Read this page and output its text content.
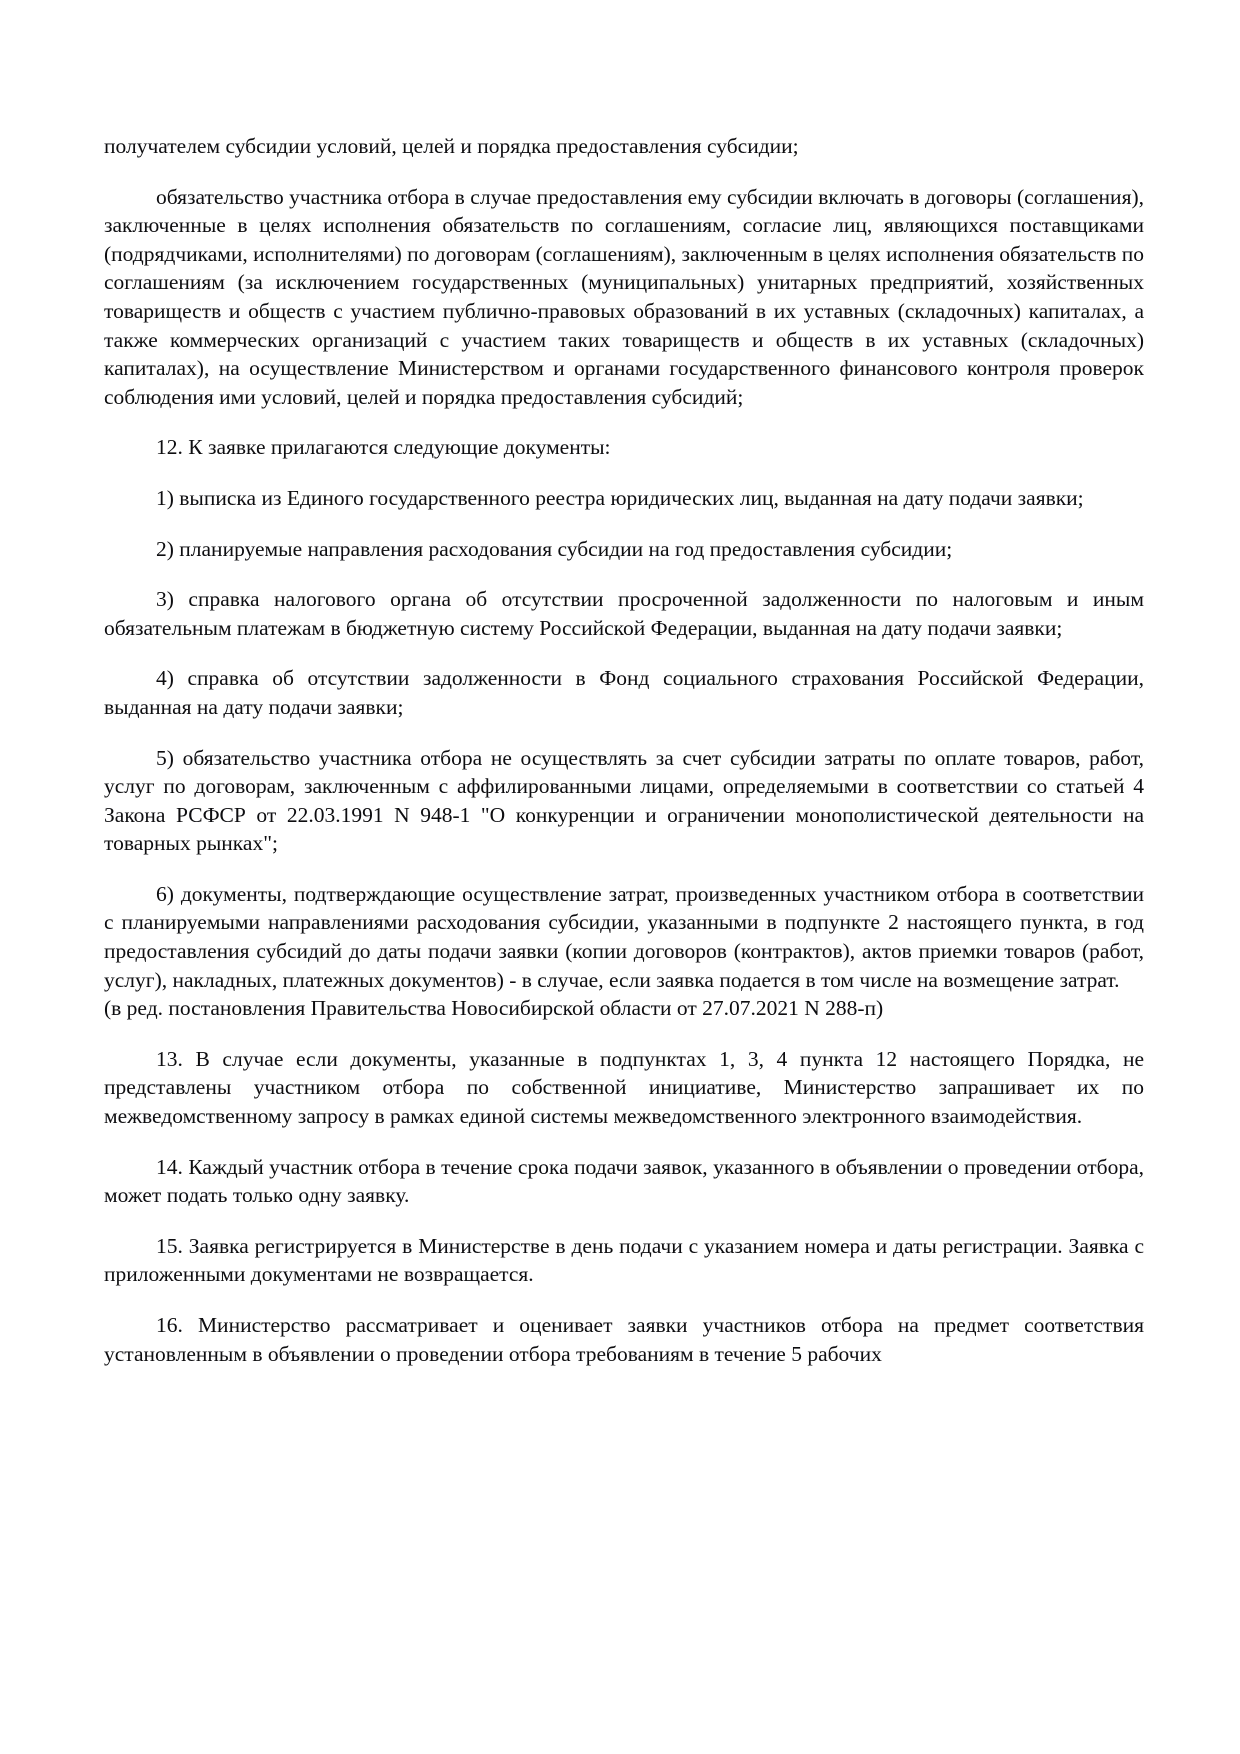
получателем субсидии условий, целей и порядка предоставления субсидии;

обязательство участника отбора в случае предоставления ему субсидии включать в договоры (соглашения), заключенные в целях исполнения обязательств по соглашениям, согласие лиц, являющихся поставщиками (подрядчиками, исполнителями) по договорам (соглашениям), заключенным в целях исполнения обязательств по соглашениям (за исключением государственных (муниципальных) унитарных предприятий, хозяйственных товариществ и обществ с участием публично-правовых образований в их уставных (складочных) капиталах, а также коммерческих организаций с участием таких товариществ и обществ в их уставных (складочных) капиталах), на осуществление Министерством и органами государственного финансового контроля проверок соблюдения ими условий, целей и порядка предоставления субсидий;

12. К заявке прилагаются следующие документы:

1) выписка из Единого государственного реестра юридических лиц, выданная на дату подачи заявки;

2) планируемые направления расходования субсидии на год предоставления субсидии;

3) справка налогового органа об отсутствии просроченной задолженности по налоговым и иным обязательным платежам в бюджетную систему Российской Федерации, выданная на дату подачи заявки;

4) справка об отсутствии задолженности в Фонд социального страхования Российской Федерации, выданная на дату подачи заявки;

5) обязательство участника отбора не осуществлять за счет субсидии затраты по оплате товаров, работ, услуг по договорам, заключенным с аффилированными лицами, определяемыми в соответствии со статьей 4 Закона РСФСР от 22.03.1991 N 948-1 "О конкуренции и ограничении монополистической деятельности на товарных рынках";

6) документы, подтверждающие осуществление затрат, произведенных участником отбора в соответствии с планируемыми направлениями расходования субсидии, указанными в подпункте 2 настоящего пункта, в год предоставления субсидий до даты подачи заявки (копии договоров (контрактов), актов приемки товаров (работ, услуг), накладных, платежных документов) - в случае, если заявка подается в том числе на возмещение затрат.

(в ред. постановления Правительства Новосибирской области от 27.07.2021 N 288-п)

13. В случае если документы, указанные в подпунктах 1, 3, 4 пункта 12 настоящего Порядка, не представлены участником отбора по собственной инициативе, Министерство запрашивает их по межведомственному запросу в рамках единой системы межведомственного электронного взаимодействия.

14. Каждый участник отбора в течение срока подачи заявок, указанного в объявлении о проведении отбора, может подать только одну заявку.

15. Заявка регистрируется в Министерстве в день подачи с указанием номера и даты регистрации. Заявка с приложенными документами не возвращается.

16. Министерство рассматривает и оценивает заявки участников отбора на предмет соответствия установленным в объявлении о проведении отбора требованиям в течение 5 рабочих
